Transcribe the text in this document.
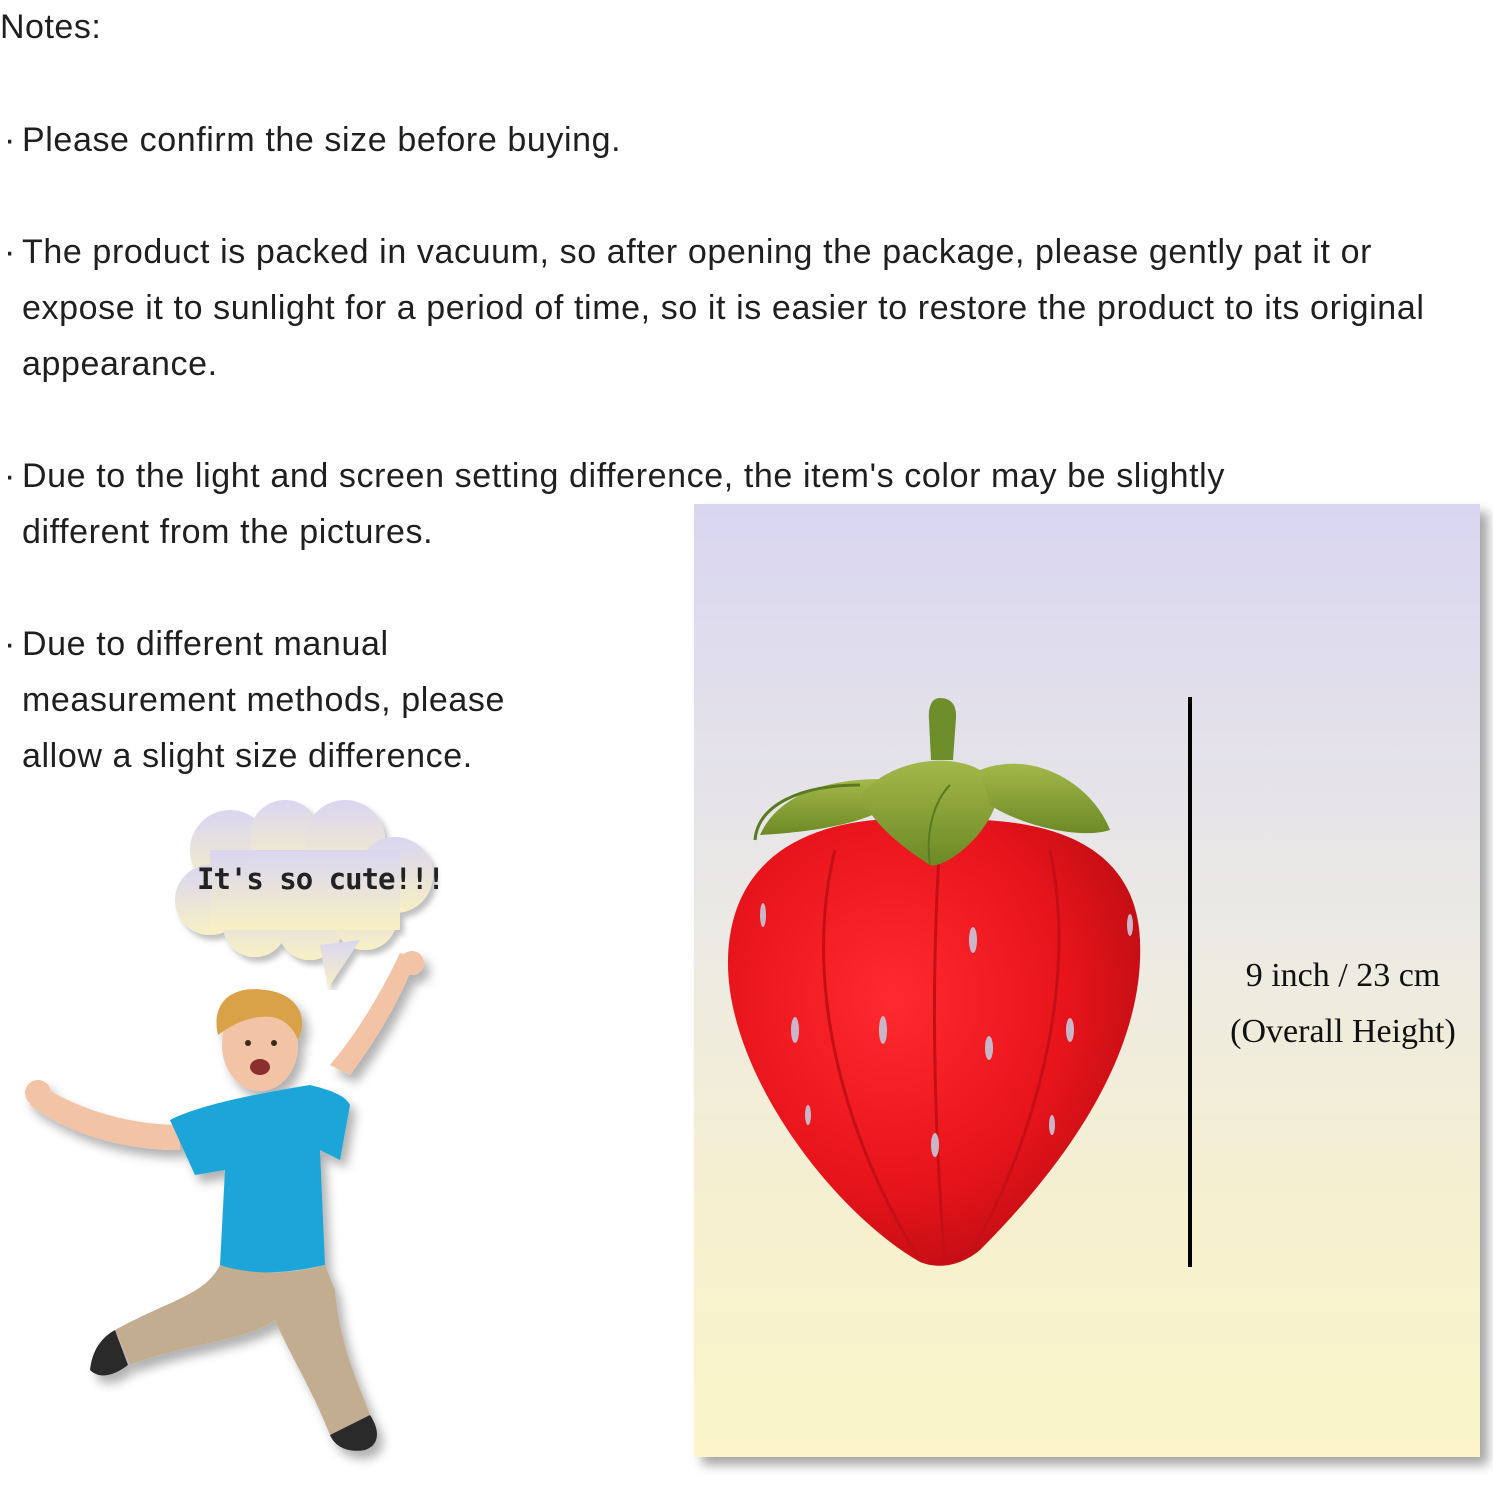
Notes:
· Please confirm the size before buying.
· The product is packed in vacuum, so after opening the package, please gently pat it or expose it to sunlight for a period of time, so it is easier to restore the product to its original appearance.
· Due to the light and screen setting difference, the item's color may be slightly
different from the pictures.
· Due to different manual
measurement methods, please
allow a slight size difference.
9 inch / 23 cm
(Overall Height)
It's so cute!!!
